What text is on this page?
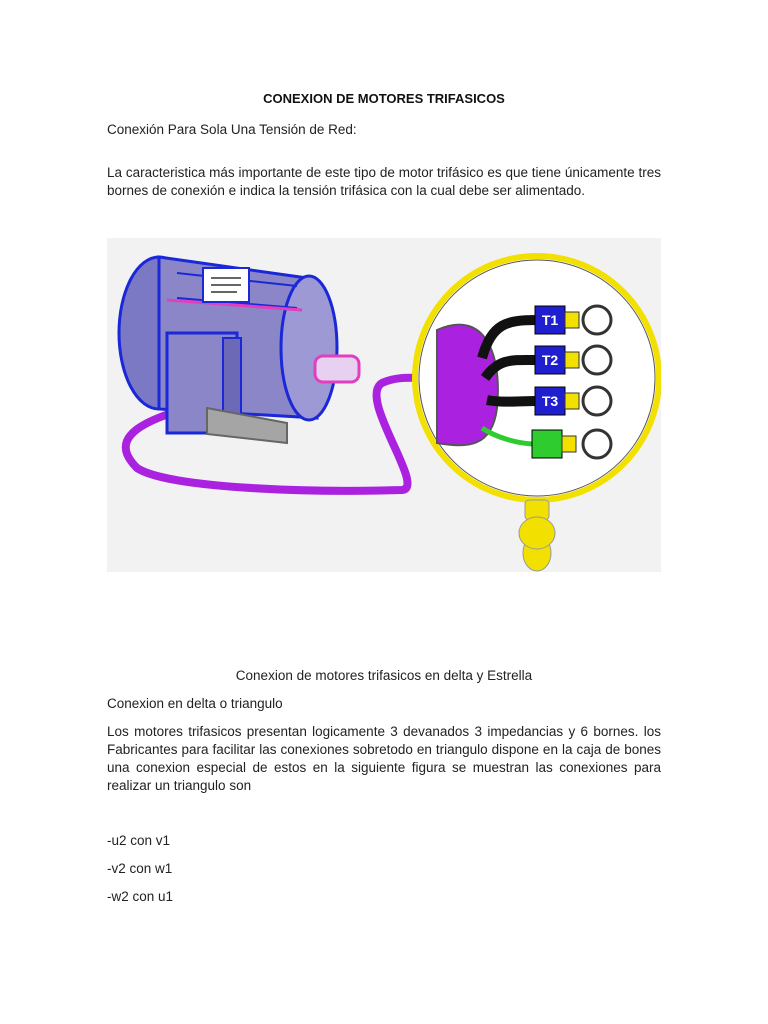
CONEXION DE MOTORES TRIFASICOS

Conexión Para Sola Una Tensión de Red:

La caracteristica más importante de este tipo de motor trifásico es que tiene únicamente tres bornes de conexión e indica la tensión trifásica con la cual debe ser alimentado.

T1
T2
T3

Conexion de motores trifasicos en delta y Estrella

Conexion en delta o triangulo

Los motores trifasicos presentan logicamente 3 devanados 3 impedancias y 6 bornes. los Fabricantes para facilitar las conexiones sobretodo en triangulo dispone en la caja de bones una conexion especial de estos en la siguiente figura se muestran las conexiones para realizar un triangulo son

-u2 con v1

-v2 con w1

-w2 con u1
